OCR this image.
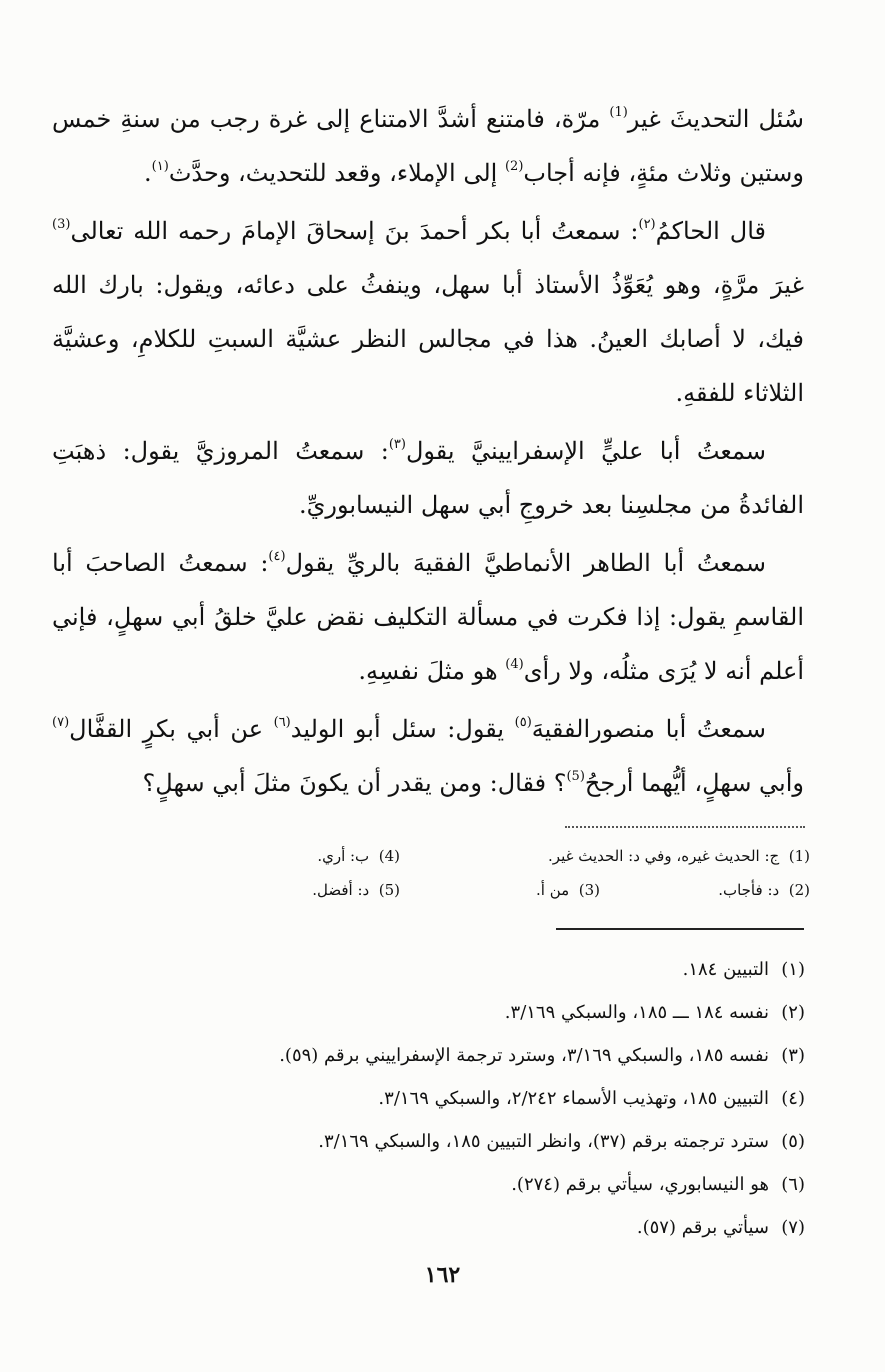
سُئل التحديثَ غير$^{(1)}$ مرّة، فامتنع أشدَّ الامتناع إلى غرة رجب من سنةِ خمس وستين وثلاث مئةٍ، فإنه أجاب$^{(2)}$ إلى الإملاء، وقعد للتحديث، وحدَّث$^{(١)}$.

قال الحاكمُ$^{(٢)}$: سمعتُ أبا بكر أحمدَ بنَ إسحاقَ الإمامَ رحمه الله تعالى$^{(3)}$ غيرَ مرَّةٍ، وهو يُعَوِّذُ الأستاذ أبا سهل، وينفثُ على دعائه، ويقول: بارك الله فيك، لا أصابك العينُ. هذا في مجالس النظر عشيَّة السبتِ للكلامِ، وعشيَّة الثلاثاء للفقهِ.

سمعتُ أبا عليٍّ الإسفرايينيَّ يقول$^{(٣)}$: سمعتُ المروزيَّ يقول: ذهبَتِ الفائدةُ من مجلسِنا بعد خروجِ أبي سهل النيسابوريِّ.

سمعتُ أبا الطاهر الأنماطيَّ الفقيهَ بالريِّ يقول$^{(٤)}$: سمعتُ الصاحبَ أبا القاسمِ يقول: إذا فكرت في مسألة التكليف نقض عليَّ خلقُ أبي سهلٍ، فإني أعلم أنه لا يُرَى مثلُه، ولا رأى$^{(4)}$ هو مثلَ نفسِهِ.

سمعتُ أبا منصورالفقيهَ$^{(٥)}$ يقول: سئل أبو الوليد$^{(٦)}$ عن أبي بكرٍ القفَّال$^{(٧)}$ وأبي سهلٍ، أيُّهما أرجحُ$^{(5)}$؟ فقال: ومن يقدر أن يكونَ مثلَ أبي سهلٍ؟

(1)  ج: الحديث غيره، وفي د: الحديث غير.
(4)  ب: أري.
(2)  د: فأجاب.
(3)  من أ.
(5)  د: أفضل.
(١)التبيين ١٨٤.
(٢)نفسه ١٨٤ ـــ ١٨٥، والسبكي ٣/١٦٩.
(٣)نفسه ١٨٥، والسبكي ٣/١٦٩، وسترد ترجمة الإسفراييني برقم (٥٩).
(٤)التبيين ١٨٥، وتهذيب الأسماء ٢/٢٤٢، والسبكي ٣/١٦٩.
(٥)سترد ترجمته برقم (٣٧)، وانظر التبيين ١٨٥، والسبكي ٣/١٦٩.
(٦)هو النيسابوري، سيأتي برقم (٢٧٤).
(٧)سيأتي برقم (٥٧).
١٦٢
